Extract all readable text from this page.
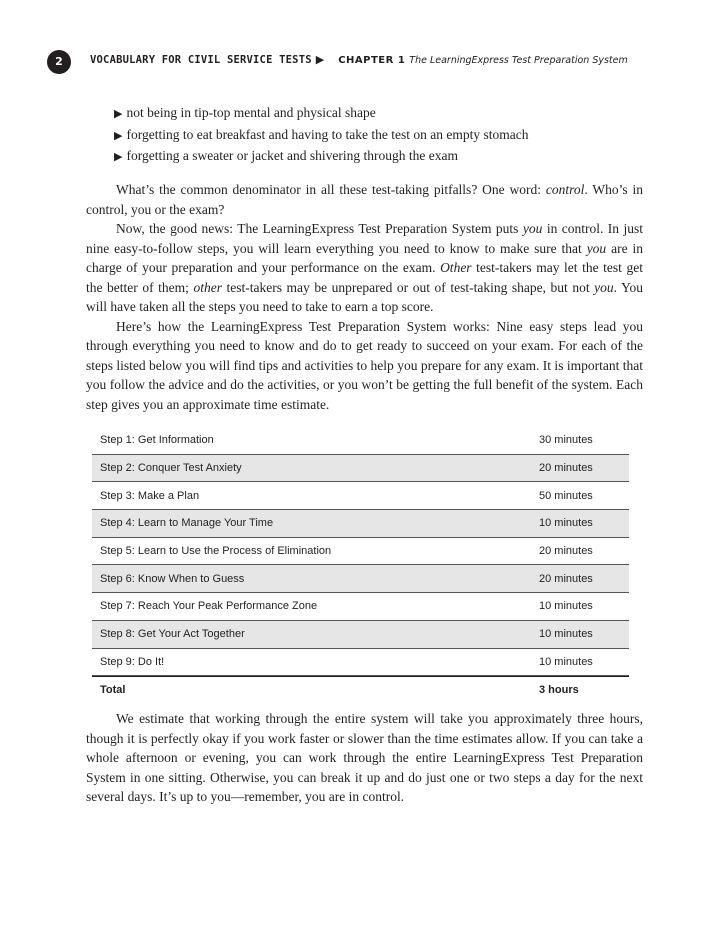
2	VOCABULARY FOR CIVIL SERVICE TESTS ▶ CHAPTER 1 The LearningExpress Test Preparation System
▶ not being in tip-top mental and physical shape
▶ forgetting to eat breakfast and having to take the test on an empty stomach
▶ forgetting a sweater or jacket and shivering through the exam

What’s the common denominator in all these test-taking pitfalls? One word: control. Who’s in control, you or the exam?

Now, the good news: The LearningExpress Test Preparation System puts you in control. In just nine easy-to-follow steps, you will learn everything you need to know to make sure that you are in charge of your preparation and your performance on the exam. Other test-takers may let the test get the better of them; other test-takers may be unprepared or out of test-taking shape, but not you. You will have taken all the steps you need to take to earn a top score.

Here’s how the LearningExpress Test Preparation System works: Nine easy steps lead you through everything you need to know and do to get ready to succeed on your exam. For each of the steps listed below you will find tips and activities to help you prepare for any exam. It is important that you follow the advice and do the activities, or you won’t be getting the full benefit of the system. Each step gives you an approximate time estimate.

Step 1: Get Information	30 minutes
Step 2: Conquer Test Anxiety	20 minutes
Step 3: Make a Plan	50 minutes
Step 4: Learn to Manage Your Time	10 minutes
Step 5: Learn to Use the Process of Elimination	20 minutes
Step 6: Know When to Guess	20 minutes
Step 7: Reach Your Peak Performance Zone	10 minutes
Step 8: Get Your Act Together	10 minutes
Step 9: Do It!	10 minutes
Total	3 hours

We estimate that working through the entire system will take you approximately three hours, though it is perfectly okay if you work faster or slower than the time estimates allow. If you can take a whole afternoon or evening, you can work through the entire LearningExpress Test Preparation System in one sitting. Otherwise, you can break it up and do just one or two steps a day for the next several days. It’s up to you—remember, you are in control.
